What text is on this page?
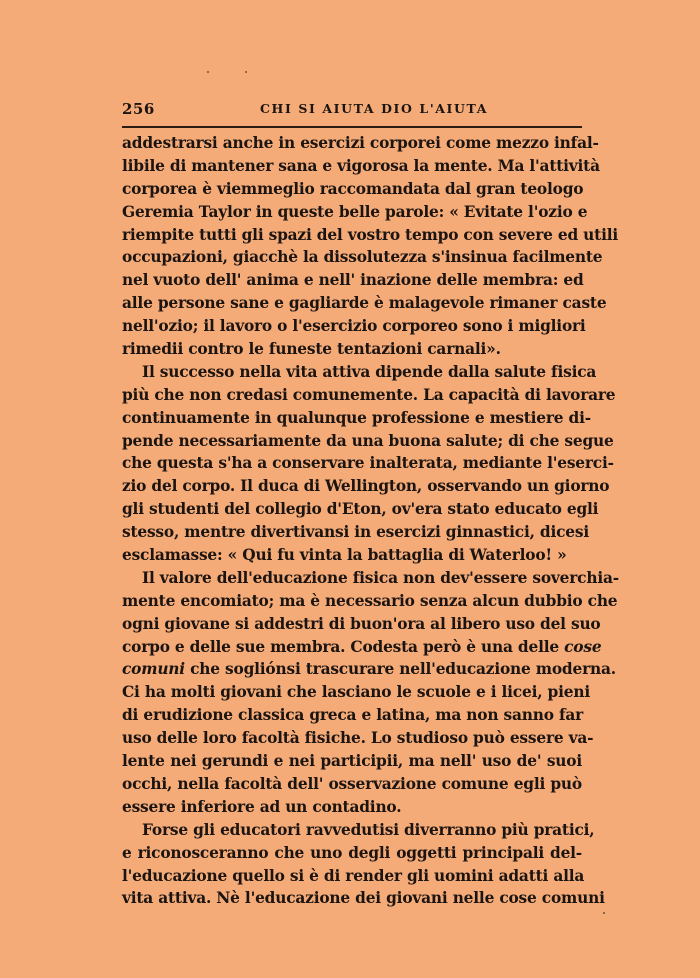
256	CHI SI AIUTA DIO L'AIUTA
addestrarsi anche in esercizi corporei come mezzo infal-
libile di mantener sana e vigorosa la mente. Ma l'attività
corporea è viemmeglio raccomandata dal gran teologo
Geremia Taylor in queste belle parole: « Evitate l'ozio e
riempite tutti gli spazi del vostro tempo con severe ed utili
occupazioni, giacchè la dissolutezza s'insinua facilmente
nel vuoto dell' anima e nell' inazione delle membra: ed
alle persone sane e gagliarde è malagevole rimaner caste
nell'ozio; il lavoro o l'esercizio corporeo sono i migliori
rimedii contro le funeste tentazioni carnali».
Il successo nella vita attiva dipende dalla salute fisica
più che non credasi comunemente. La capacità di lavorare
continuamente in qualunque professione e mestiere di-
pende necessariamente da una buona salute; di che segue
che questa s'ha a conservare inalterata, mediante l'eserci-
zio del corpo. Il duca di Wellington, osservando un giorno
gli studenti del collegio d'Eton, ov'era stato educato egli
stesso, mentre divertivansi in esercizi ginnastici, dicesi
esclamasse: « Qui fu vinta la battaglia di Waterloo! »
Il valore dell'educazione fisica non dev'essere soverchia-
mente encomiato; ma è necessario senza alcun dubbio che
ogni giovane si addestri di buon'ora al libero uso del suo
corpo e delle sue membra. Codesta però è una delle cose
comuni che sogliónsi trascurare nell'educazione moderna.
Ci ha molti giovani che lasciano le scuole e i licei, pieni
di erudizione classica greca e latina, ma non sanno far
uso delle loro facoltà fisiche. Lo studioso può essere va-
lente nei gerundi e nei participii, ma nell' uso de' suoi
occhi, nella facoltà dell' osservazione comune egli può
essere inferiore ad un contadino.
Forse gli educatori ravvedutisi diverranno più pratici,
e riconosceranno che uno degli oggetti principali del-
l'educazione quello si è di render gli uomini adatti alla
vita attiva. Nè l'educazione dei giovani nelle cose comuni
